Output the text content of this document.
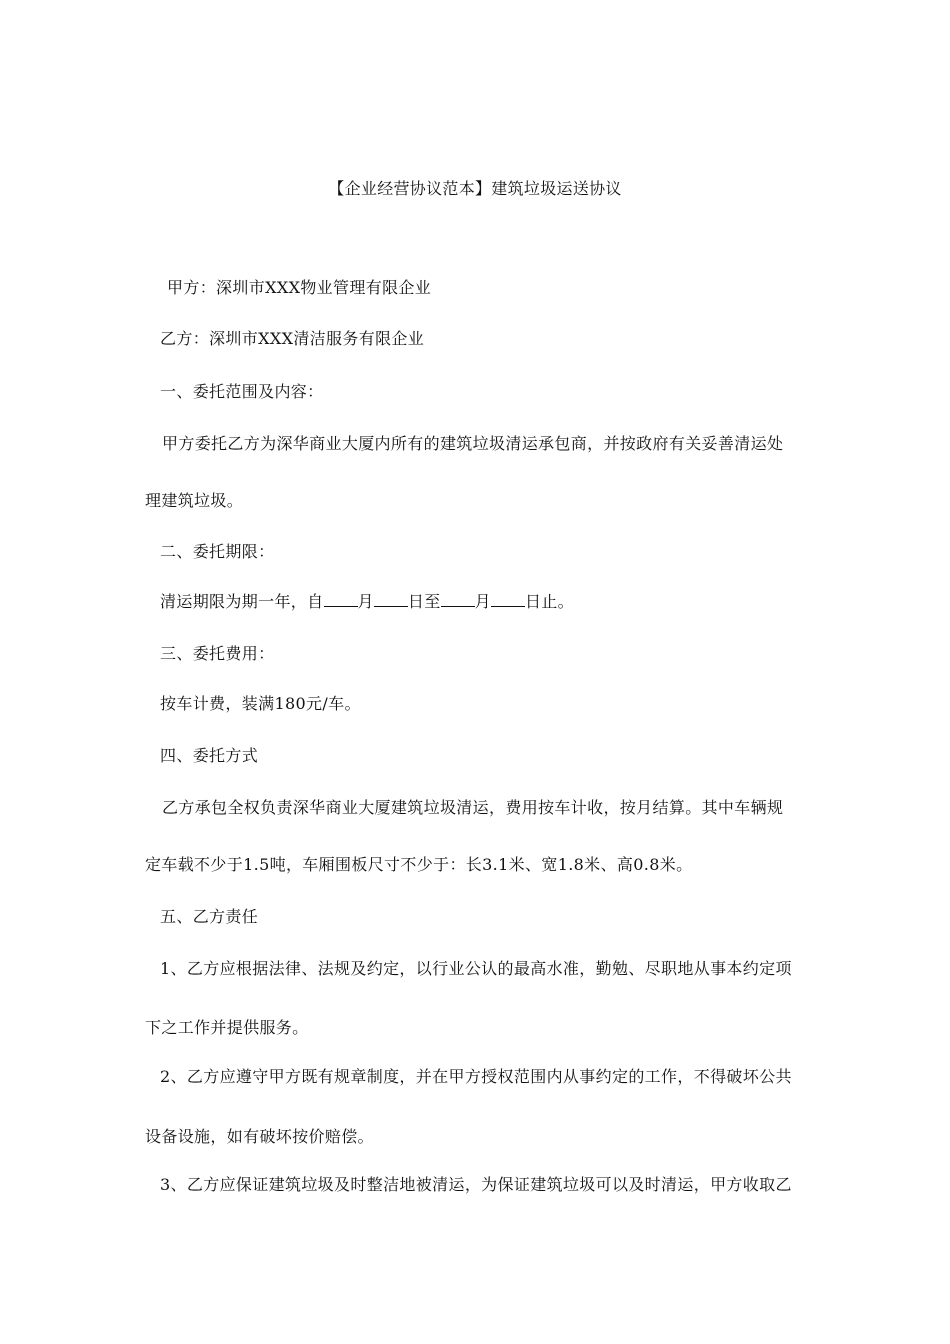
【企业经营协议范本】建筑垃圾运送协议
甲方：深圳市XXX物业管理有限企业
乙方：深圳市XXX清洁服务有限企业
一、委托范围及内容：
甲方委托乙方为深华商业大厦内所有的建筑垃圾清运承包商，并按政府有关妥善清运处
理建筑垃圾。
二、委托期限：
清运期限为期一年，自 月 日至 月 日止。
三、委托费用：
按车计费，装满180元/车。
四、委托方式
乙方承包全权负责深华商业大厦建筑垃圾清运，费用按车计收，按月结算。其中车辆规
定车载不少于1.5吨，车厢围板尺寸不少于：长3.1米、宽1.8米、高0.8米。
五、乙方责任
1、乙方应根据法律、法规及约定，以行业公认的最高水准，勤勉、尽职地从事本约定项
下之工作并提供服务。
2、乙方应遵守甲方既有规章制度，并在甲方授权范围内从事约定的工作，不得破坏公共
设备设施，如有破坏按价赔偿。
3、乙方应保证建筑垃圾及时整洁地被清运，为保证建筑垃圾可以及时清运，甲方收取乙
